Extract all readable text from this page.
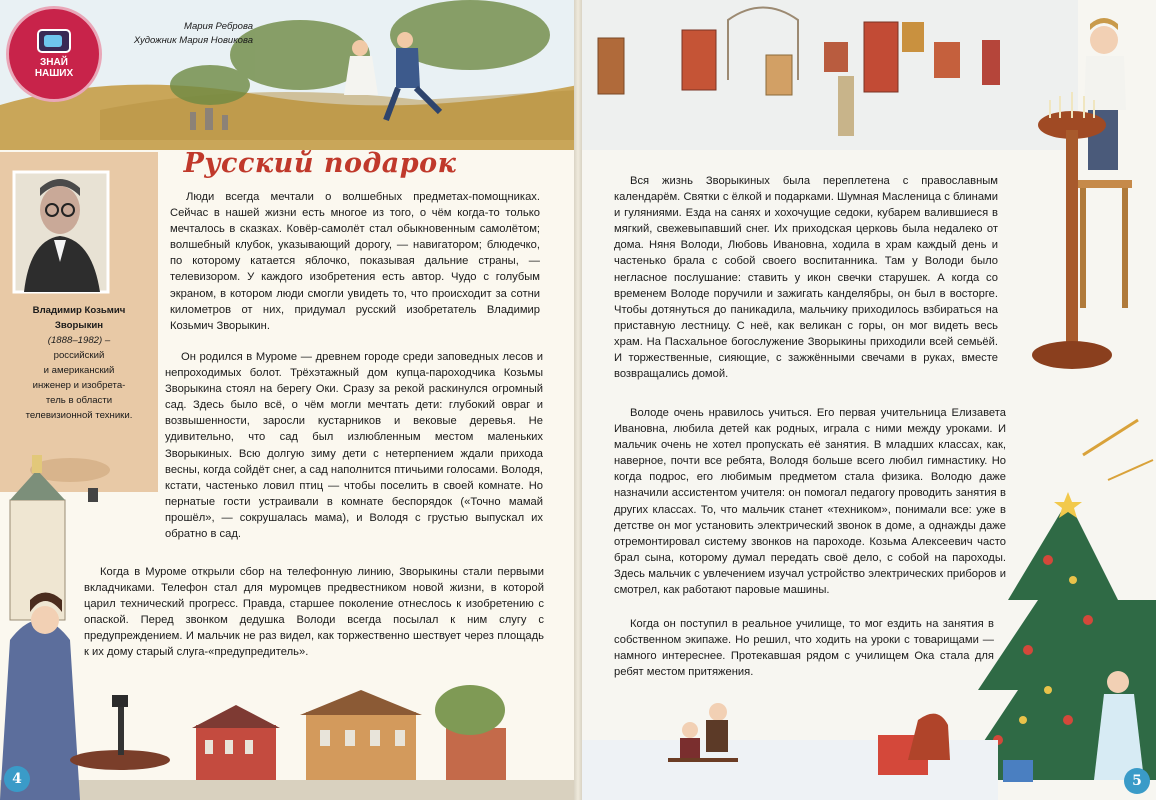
ЗНАЙ
НАШИХ
Мария Реброва
Художник Мария Новикова
Русский подарок
Владимир Козьмич
Зворыкин
(1888–1982) –
российский
и американский
инженер и изобрета-
тель в области
телевизионной техники.

Люди всегда мечтали о волшебных предметах-помощниках. Сейчас в нашей жизни есть многое из того, о чём когда-то только мечталось в сказках. Ковёр-самолёт стал обыкновенным самолётом; волшебный клубок, указывающий дорогу, — навигатором; блюдечко, по которому катается яблочко, показывая дальние страны, — телевизором. У каждого изобретения есть автор. Чудо с голубым экраном, в котором люди смогли увидеть то, что происходит за сотни километров от них, придумал русский изобретатель Владимир Козьмич Зворыкин.

Он родился в Муроме — древнем городе среди заповедных лесов и непроходимых болот. Трёхэтажный дом купца-пароходчика Козьмы Зворыкина стоял на берегу Оки. Сразу за рекой раскинулся огромный сад. Здесь было всё, о чём могли мечтать дети: глубокий овраг и возвышенности, заросли кустарников и вековые деревья. Не удивительно, что сад был излюбленным местом маленьких Зворыкиных. Всю долгую зиму дети с нетерпением ждали прихода весны, когда сойдёт снег, а сад наполнится птичьими голосами. Володя, кстати, частенько ловил птиц — чтобы поселить в своей комнате. Но пернатые гости устраивали в комнате беспорядок («Точно мамай прошёл», — сокрушалась мама), и Володя с грустью выпускал их обратно в сад.

Когда в Муроме открыли сбор на телефонную линию, Зворыкины стали первыми вкладчиками. Телефон стал для муромцев предвестником новой жизни, в которой царил технический прогресс. Правда, старшее поколение отнеслось к изобретению с опаской. Перед звонком дедушка Володи всегда посылал к ним слугу с предупреждением. И мальчик не раз видел, как торжественно шествует через площадь к их дому старый слуга-«предупредитель».

4

Вся жизнь Зворыкиных была переплетена с православным календарём. Святки с ёлкой и подарками. Шумная Масленица с блинами и гуляниями. Езда на санях и хохочущие седоки, кубарем валившиеся в мягкий, свежевыпавший снег. Их приходская церковь была недалеко от дома. Няня Володи, Любовь Ивановна, ходила в храм каждый день и частенько брала с собой своего воспитанника. Там у Володи было негласное послушание: ставить у икон свечки старушек. А когда со временем Володе поручили и зажигать канделябры, он был в восторге. Чтобы дотянуться до паникадила, мальчику приходилось взбираться на приставную лестницу. С неё, как великан с горы, он мог видеть весь храм. На Пасхальное богослужение Зворыкины приходили всей семьёй. И торжественные, сияющие, с зажжёнными свечами в руках, вместе возвращались домой.

Володе очень нравилось учиться. Его первая учительница Елизавета Ивановна, любила детей как родных, играла с ними между уроками. И мальчик очень не хотел пропускать её занятия. В младших классах, как, наверное, почти все ребята, Володя больше всего любил гимнастику. Но когда подрос, его любимым предметом стала физика. Володю даже назначили ассистентом учителя: он помогал педагогу проводить занятия в других классах. То, что мальчик станет «техником», понимали все: уже в детстве он мог установить электрический звонок в доме, а однажды даже отремонтировал систему звонков на пароходе. Козьма Алексеевич часто брал сына, которому думал передать своё дело, с собой на пароходы. Здесь мальчик с увлечением изучал устройство электрических приборов и смотрел, как работают паровые машины.

Когда он поступил в реальное училище, то мог ездить на занятия в собственном экипаже. Но решил, что ходить на уроки с товарищами — намного интереснее. Протекавшая рядом с училищем Ока стала для ребят местом притяжения.

5
